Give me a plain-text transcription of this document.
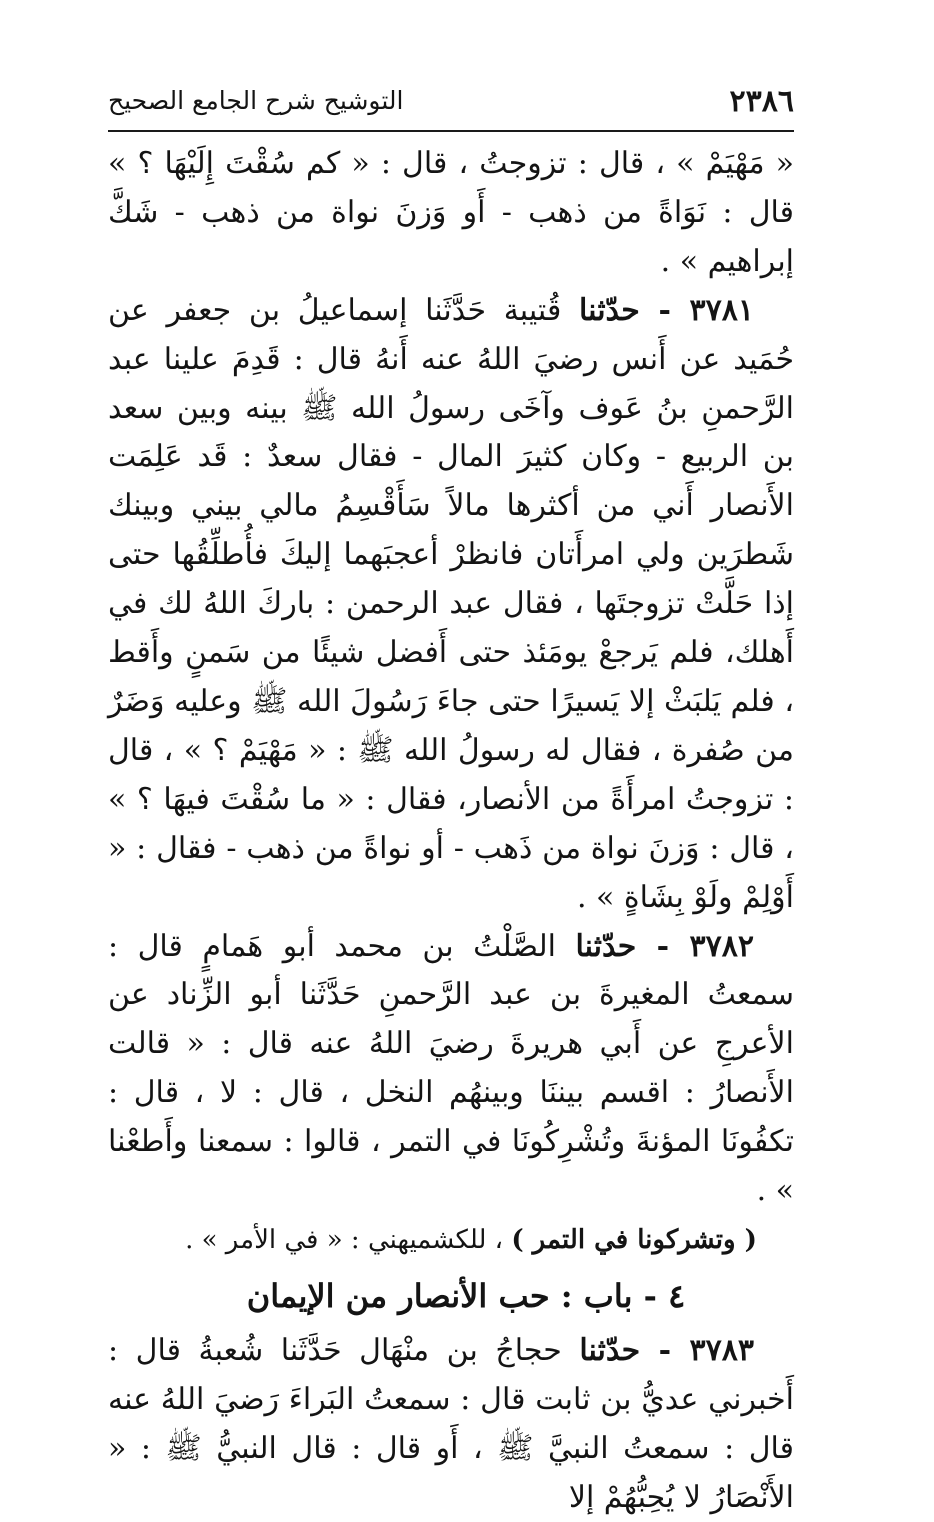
٢٣٨٦
التوشيح شرح الجامع الصحيح

« مَهْيَمْ » ، قال : تزوجتُ ، قال : « كم سُقْتَ إِلَيْهَا ؟ » قال : نَوَاةً من ذهب - أَو وَزنَ نواة من ذهب - شَكَّ إبراهيم » .

٣٧٨١ - حدّثنا قُتيبة حَدَّثَنا إسماعيلُ بن جعفر عن حُمَيد عن أَنس رضيَ اللهُ عنه أَنهُ قال : قَدِمَ علينا عبد الرَّحمنِ بنُ عَوف وآخَى رسولُ الله ﷺ بينه وبين سعد بن الربيع - وكان كثيرَ المال - فقال سعدٌ : قَد عَلِمَت الأَنصار أَني من أكثرها مالاً سَأَقْسِمُ مالي بيني وبينك شَطرَين ولي امرأَتان فانظرْ أعجبَهما إليكَ فأُطلِّقُها حتى إذا حَلَّتْ تزوجتَها ، فقال عبد الرحمن : باركَ اللهُ لك في أَهلك، فلم يَرجعْ يومَئذ حتى أَفضل شيئًا من سَمنٍ وأَقط ، فلم يَلبَثْ إلا يَسيرًا حتى جاءَ رَسُولَ الله ﷺ وعليه وَضَرٌ من صُفرة ، فقال له رسولُ الله ﷺ : « مَهْيَمْ ؟ » ، قال : تزوجتُ امرأَةً من الأنصار، فقال : « ما سُقْتَ فيهَا ؟ » ، قال : وَزنَ نواة من ذَهب - أو نواةً من ذهب - فقال : « أَوْلِمْ ولَوْ بِشَاةٍ » .

٣٧٨٢ - حدّثنا الصَّلْتُ بن محمد أبو هَمامٍ قال : سمعتُ المغيرةَ بن عبد الرَّحمنِ حَدَّثَنا أبو الزِّناد عن الأعرجِ عن أَبي هريرةَ رضيَ اللهُ عنه قال : « قالت الأَنصارُ : اقسم بيننَا وبينهُم النخل ، قال : لا ، قال : تكفُونَا المؤنةَ وتُشْرِكُونَا في التمر ، قالوا : سمعنا وأَطعْنا » .

( وتشركونا في التمر ) ، للكشميهني : « في الأمر » .

٤ - باب : حب الأنصار من الإيمان

٣٧٨٣ - حدّثنا حجاجُ بن منْهَال حَدَّثَنا شُعبةُ قال : أَخبرني عديُّ بن ثابت قال : سمعتُ البَراءَ رَضيَ اللهُ عنه قال : سمعتُ النبيَّ ﷺ ، أَو قال : قال النبيُّ ﷺ : « الأَنْصَارُ لا يُحِبُّهُمْ إلا
